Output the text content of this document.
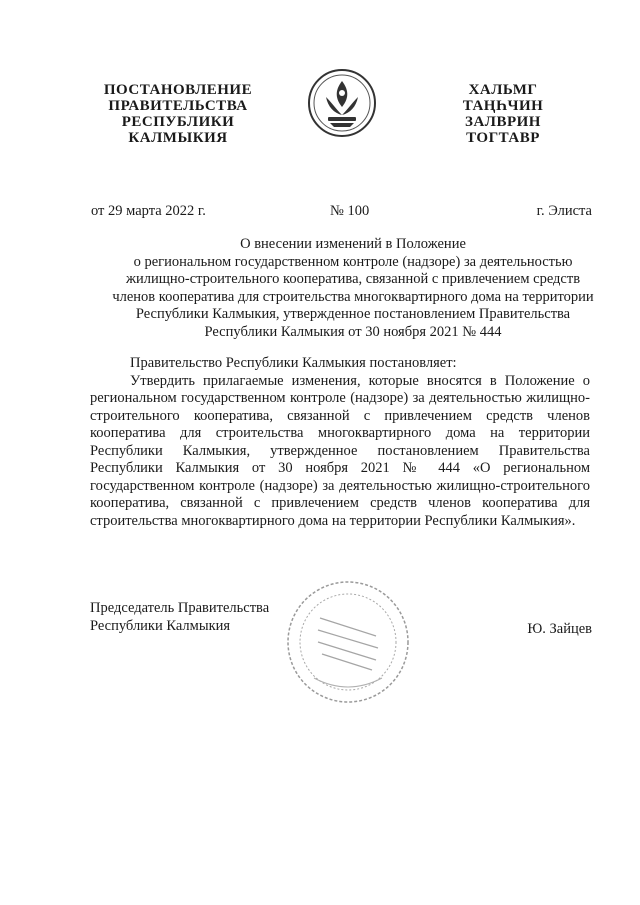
ПОСТАНОВЛЕНИЕ
ПРАВИТЕЛЬСТВА
РЕСПУБЛИКИ
КАЛМЫКИЯ
ХАЛЬМГ
ТАҢҺЧИН
ЗАЛВРИН
ТОГТАВР
от 29 марта 2022 г.	№ 100	г. Элиста
О внесении изменений в Положение
о региональном государственном контроле (надзоре) за деятельностью
жилищно-строительного кооператива, связанной с привлечением средств
членов кооператива для строительства многоквартирного дома на территории
Республики Калмыкия, утвержденное постановлением Правительства
Республики Калмыкия от 30 ноября 2021 № 444
Правительство Республики Калмыкия постановляет:
Утвердить прилагаемые изменения, которые вносятся в Положение о региональном государственном контроле (надзоре) за деятельностью жилищно-строительного кооператива, связанной с привлечением средств членов кооператива для строительства многоквартирного дома на территории Республики Калмыкия, утвержденное постановлением Правительства Республики Калмыкия от 30 ноября 2021 № 444 «О региональном государственном контроле (надзоре) за деятельностью жилищно-строительного кооператива, связанной с привлечением средств членов кооператива для строительства многоквартирного дома на территории Республики Калмыкия».
Председатель Правительства
Республики Калмыкия	Ю. Зайцев
